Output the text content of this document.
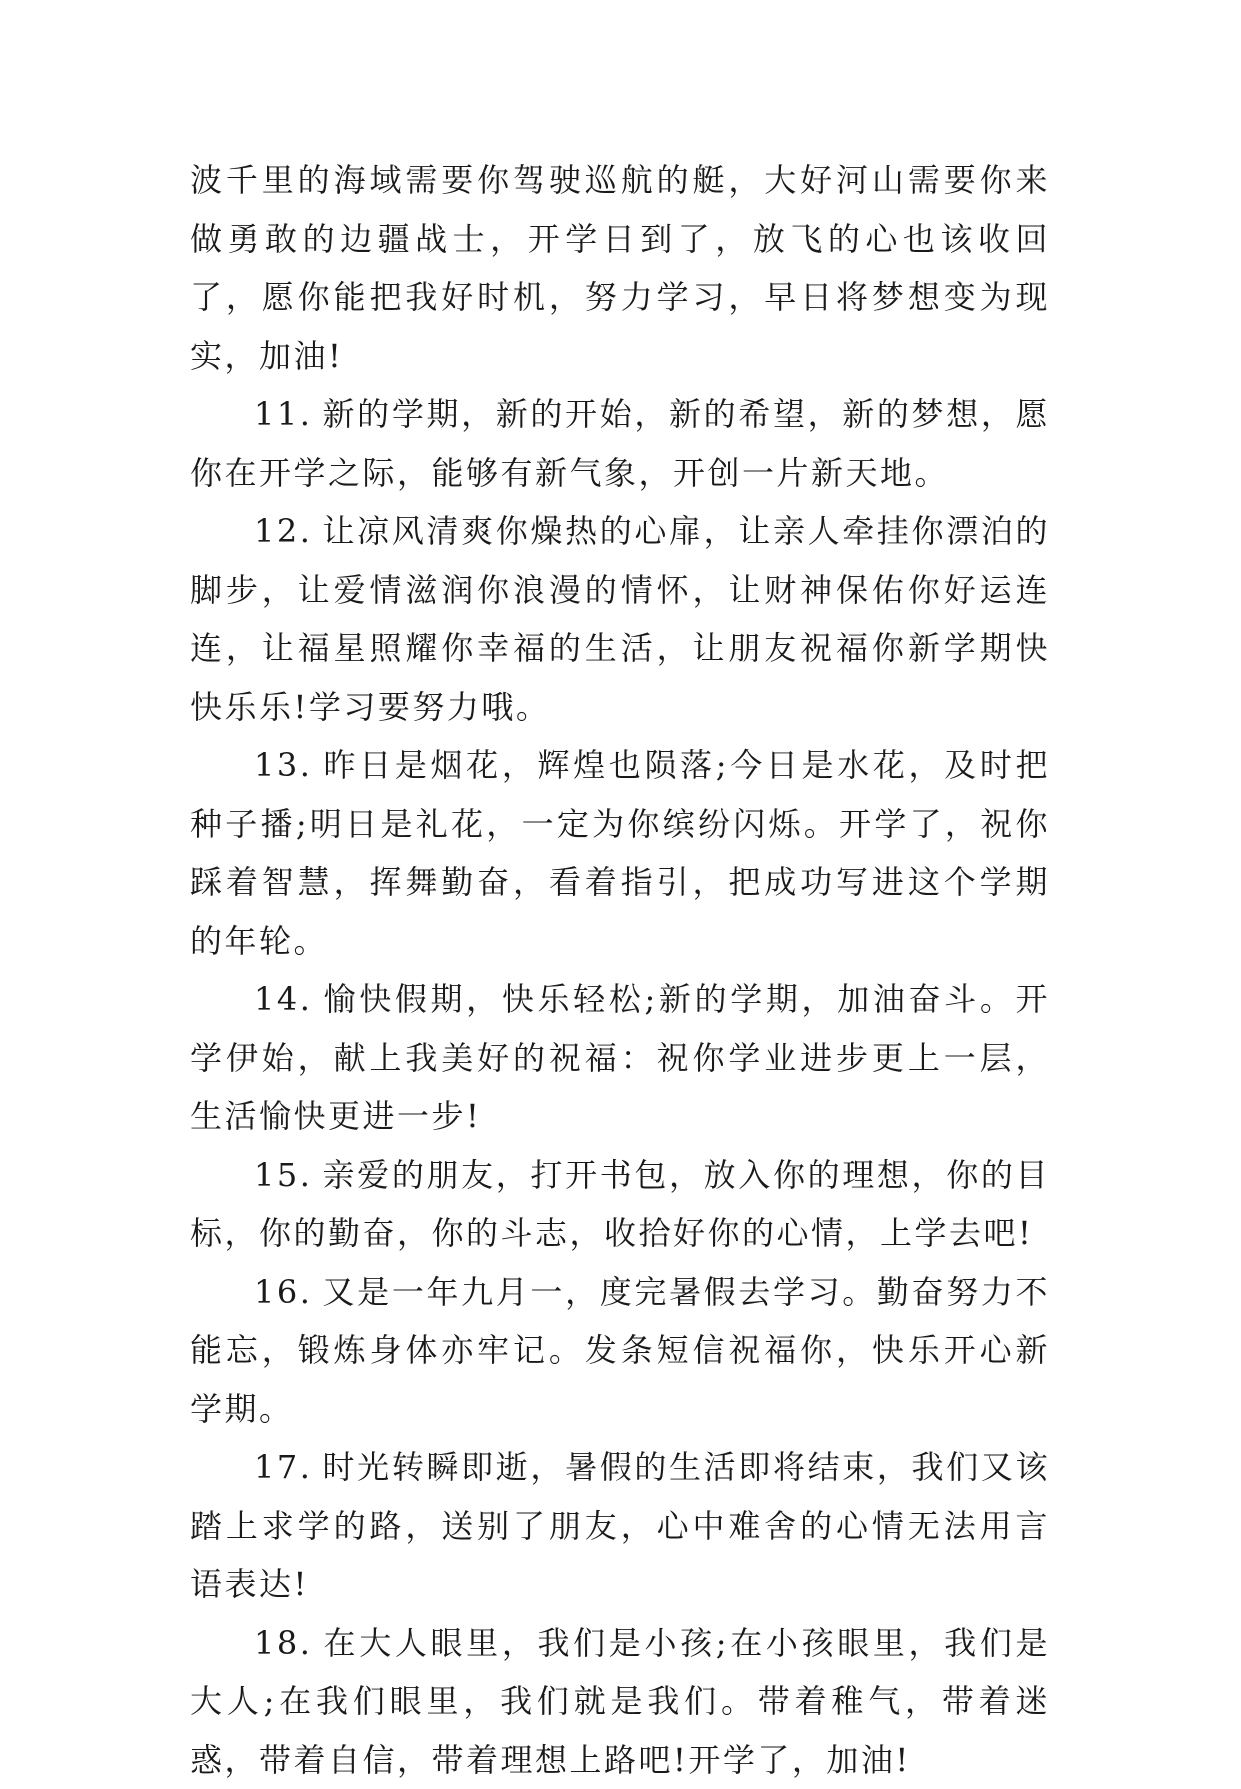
波千里的海域需要你驾驶巡航的艇，大好河山需要你来做勇敢的边疆战士，开学日到了，放飞的心也该收回了，愿你能把我好时机，努力学习，早日将梦想变为现实，加油!

11. 新的学期，新的开始，新的希望，新的梦想，愿你在开学之际，能够有新气象，开创一片新天地。

12. 让凉风清爽你燥热的心扉，让亲人牵挂你漂泊的脚步，让爱情滋润你浪漫的情怀，让财神保佑你好运连连，让福星照耀你幸福的生活，让朋友祝福你新学期快快乐乐!学习要努力哦。

13. 昨日是烟花，辉煌也陨落;今日是水花，及时把种子播;明日是礼花，一定为你缤纷闪烁。开学了，祝你踩着智慧，挥舞勤奋，看着指引，把成功写进这个学期的年轮。

14. 愉快假期，快乐轻松;新的学期，加油奋斗。开学伊始，献上我美好的祝福：祝你学业进步更上一层，生活愉快更进一步!

15. 亲爱的朋友，打开书包，放入你的理想，你的目标，你的勤奋，你的斗志，收拾好你的心情，上学去吧!

16. 又是一年九月一，度完暑假去学习。勤奋努力不能忘，锻炼身体亦牢记。发条短信祝福你，快乐开心新学期。

17. 时光转瞬即逝，暑假的生活即将结束，我们又该踏上求学的路，送别了朋友，心中难舍的心情无法用言语表达!

18. 在大人眼里，我们是小孩;在小孩眼里，我们是大人;在我们眼里，我们就是我们。带着稚气，带着迷惑，带着自信，带着理想上路吧!开学了，加油!
